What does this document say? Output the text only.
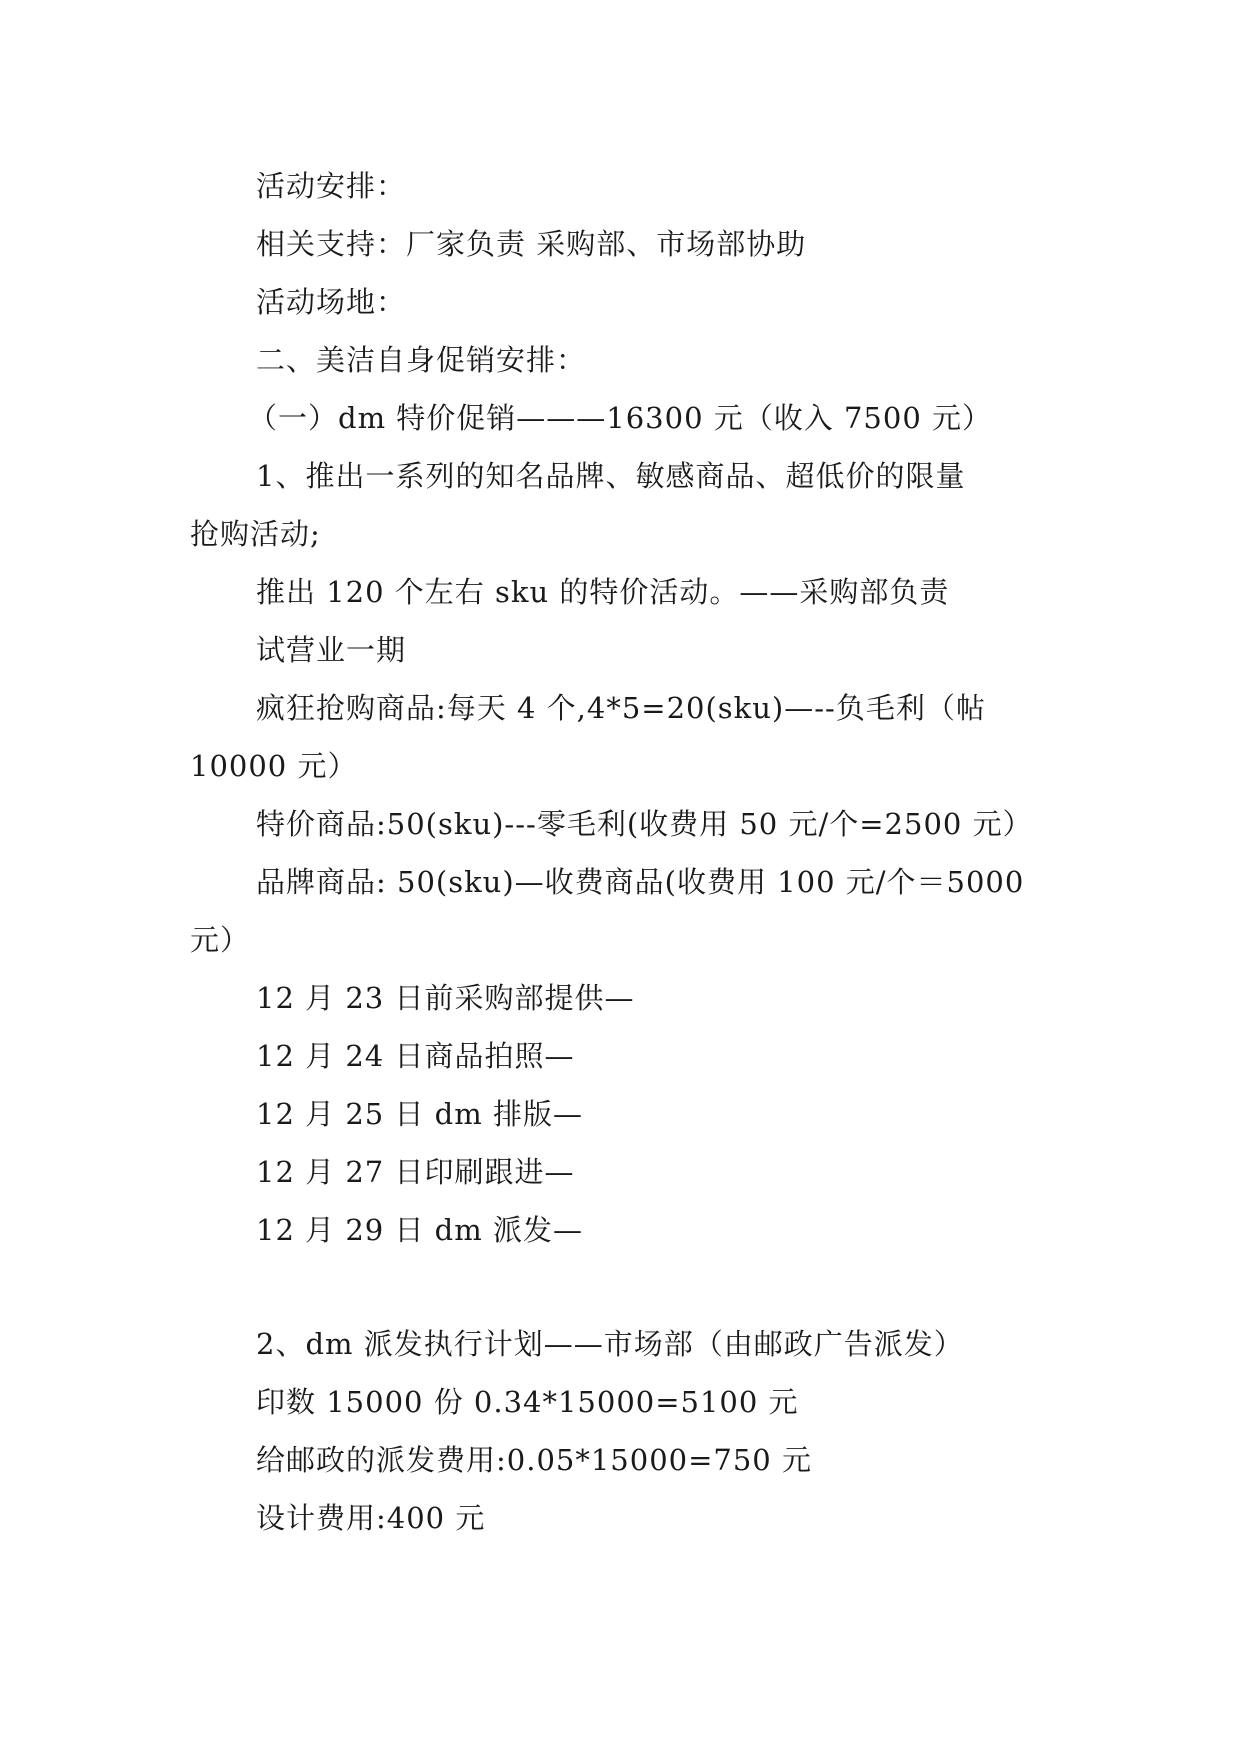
活动安排：
相关支持：厂家负责 采购部、市场部协助
活动场地：
二、美洁自身促销安排：
（一）dm 特价促销———16300 元（收入 7500 元）
1、推出一系列的知名品牌、敏感商品、超低价的限量
抢购活动;
推出 120 个左右 sku 的特价活动。——采购部负责
试营业一期
疯狂抢购商品:每天 4 个,4*5=20(sku)—--负毛利（帖
10000 元）
特价商品:50(sku)---零毛利(收费用 50 元/个=2500 元）
品牌商品: 50(sku)—收费商品(收费用 100 元/个＝5000
元）
12 月 23 日前采购部提供—
12 月 24 日商品拍照—
12 月 25 日 dm 排版—
12 月 27 日印刷跟进—
12 月 29 日 dm 派发—
2、dm 派发执行计划——市场部（由邮政广告派发）
印数 15000 份 0.34*15000=5100 元
给邮政的派发费用:0.05*15000=750 元
设计费用:400 元
